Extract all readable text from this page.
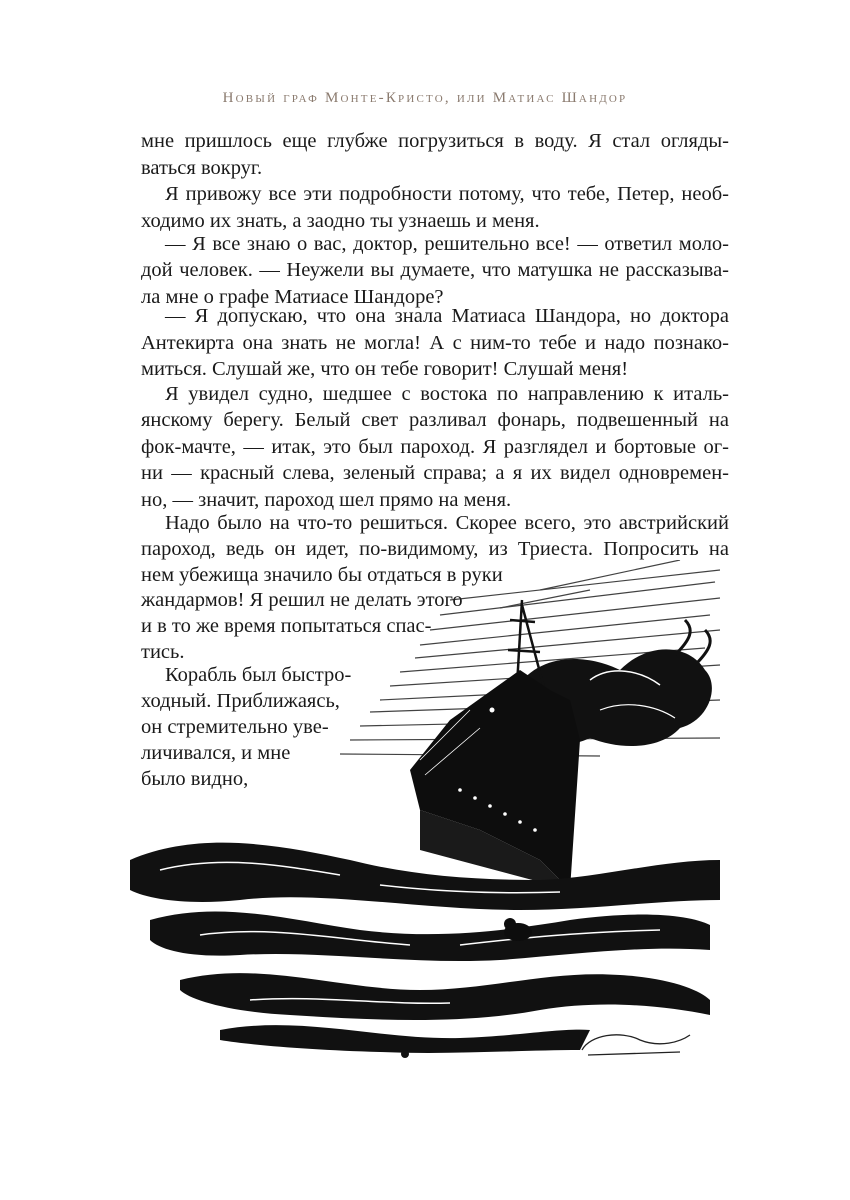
Новый граф Монте-Кристо, или Матиас Шандор
мне пришлось еще глубже погрузиться в воду. Я стал огляды-
ваться вокруг.
Я привожу все эти подробности потому, что тебе, Петер, необ-
ходимо их знать, а заодно ты узнаешь и меня.
— Я все знаю о вас, доктор, решительно все! — ответил моло-
дой человек. — Неужели вы думаете, что матушка не рассказыва-
ла мне о графе Матиасе Шандоре?
— Я допускаю, что она знала Матиаса Шандора, но доктора
Антекирта она знать не могла! А с ним-то тебе и надо познако-
миться. Слушай же, что он тебе говорит! Слушай меня!
Я увидел судно, шедшее с востока по направлению к италь-
янскому берегу. Белый свет разливал фонарь, подвешенный на
фок-мачте, — итак, это был пароход. Я разглядел и бортовые ог-
ни — красный слева, зеленый справа; а я их видел одновремен-
но, — значит, пароход шел прямо на меня.
Надо было на что-то решиться. Скорее всего, это австрийский
пароход, ведь он идет, по-видимому, из Триеста. Попросить на
нем убежища значило бы отдаться в руки
жандармов! Я решил не делать этого
и в то же время попытаться спас-
тись.
Корабль был быстро-
ходный. Приближаясь,
он стремительно уве-
личивался, и мне
было видно,
